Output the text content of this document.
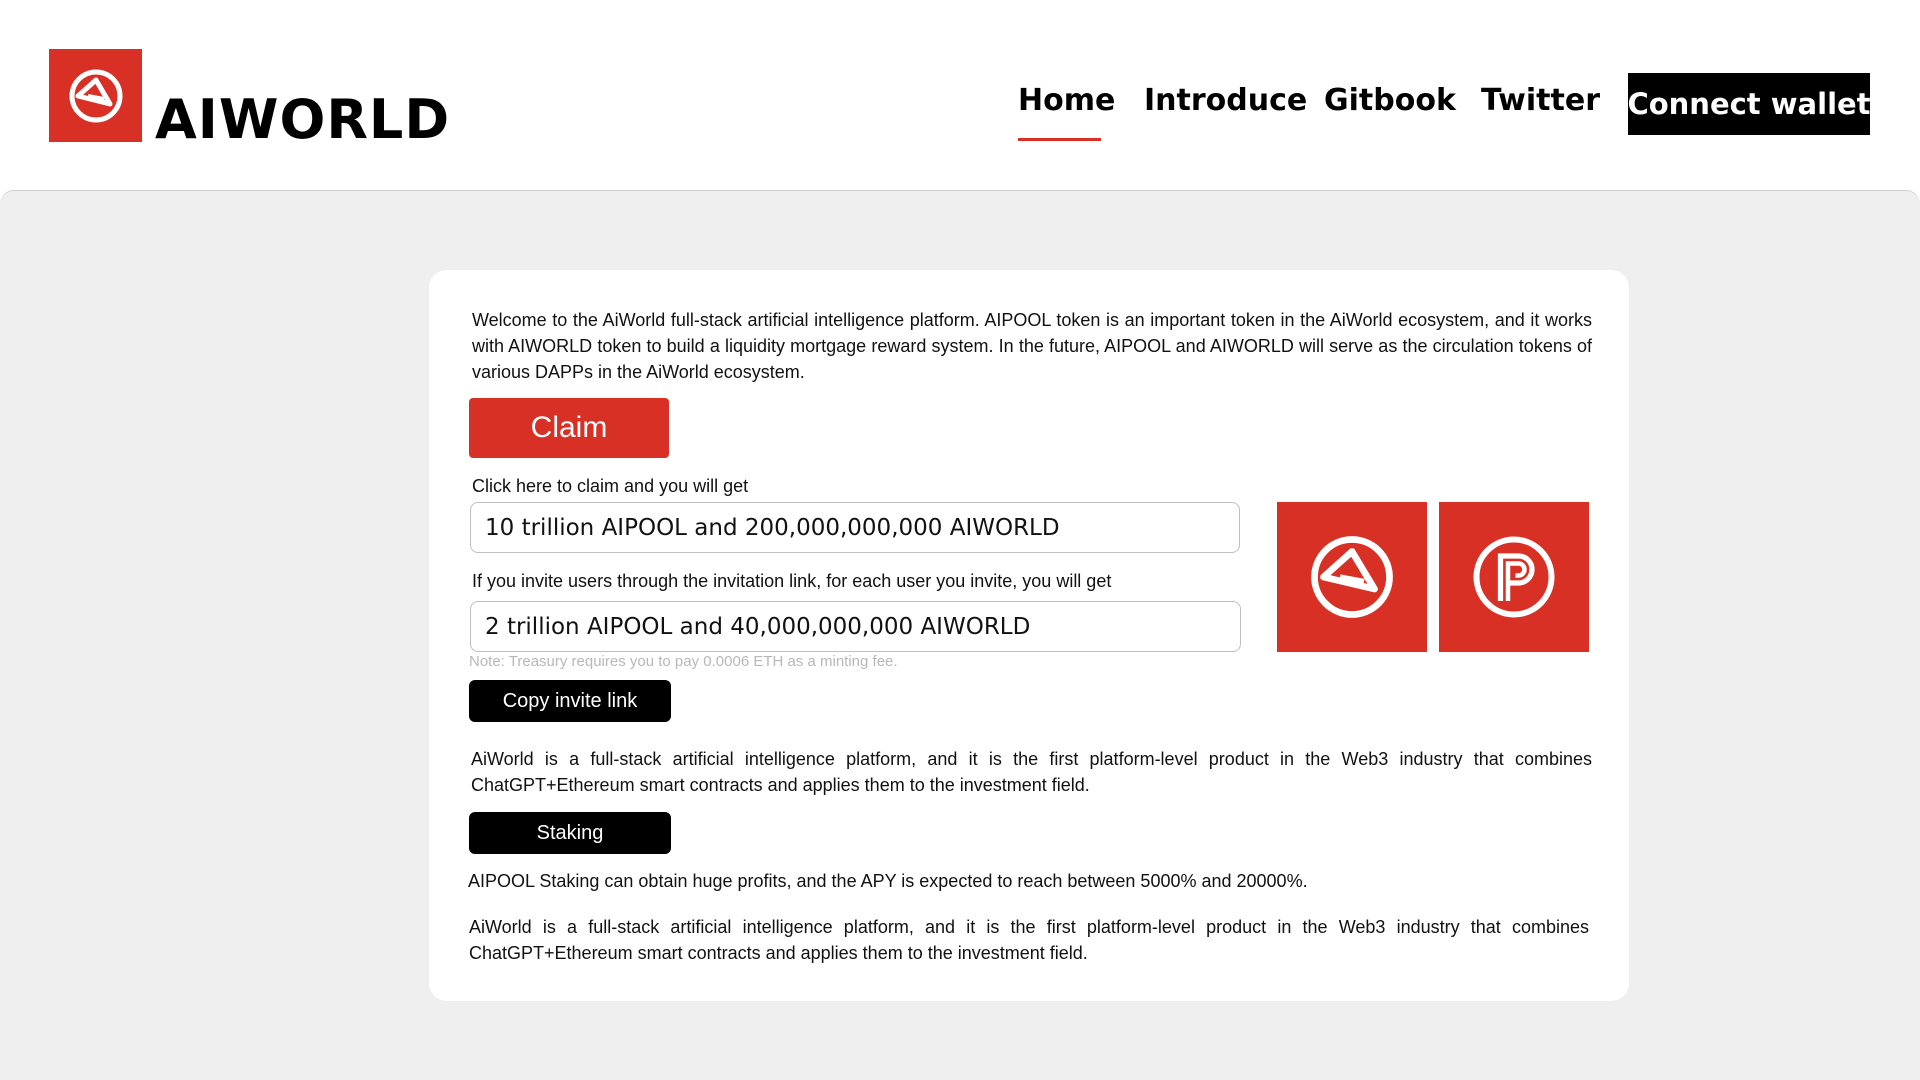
AIWORLD	Home Introduce Gitbook Twitter Connect wallet
Welcome to the AiWorld full-stack artificial intelligence platform. AIPOOL token is an important token in the AiWorld ecosystem, and it works with AIWORLD token to build a liquidity mortgage reward system. In the future, AIPOOL and AIWORLD will serve as the circulation tokens of various DAPPs in the AiWorld ecosystem.
Claim
Click here to claim and you will get
10 trillion AIPOOL and 200,000,000,000 AIWORLD
If you invite users through the invitation link, for each user you invite, you will get
2 trillion AIPOOL and 40,000,000,000 AIWORLD
Note: Treasury requires you to pay 0.0006 ETH as a minting fee.
Copy invite link
AiWorld is a full-stack artificial intelligence platform, and it is the first platform-level product in the Web3 industry that combines ChatGPT+Ethereum smart contracts and applies them to the investment field.
Staking
AIPOOL Staking can obtain huge profits, and the APY is expected to reach between 5000% and 20000%.
AiWorld is a full-stack artificial intelligence platform, and it is the first platform-level product in the Web3 industry that combines ChatGPT+Ethereum smart contracts and applies them to the investment field.
